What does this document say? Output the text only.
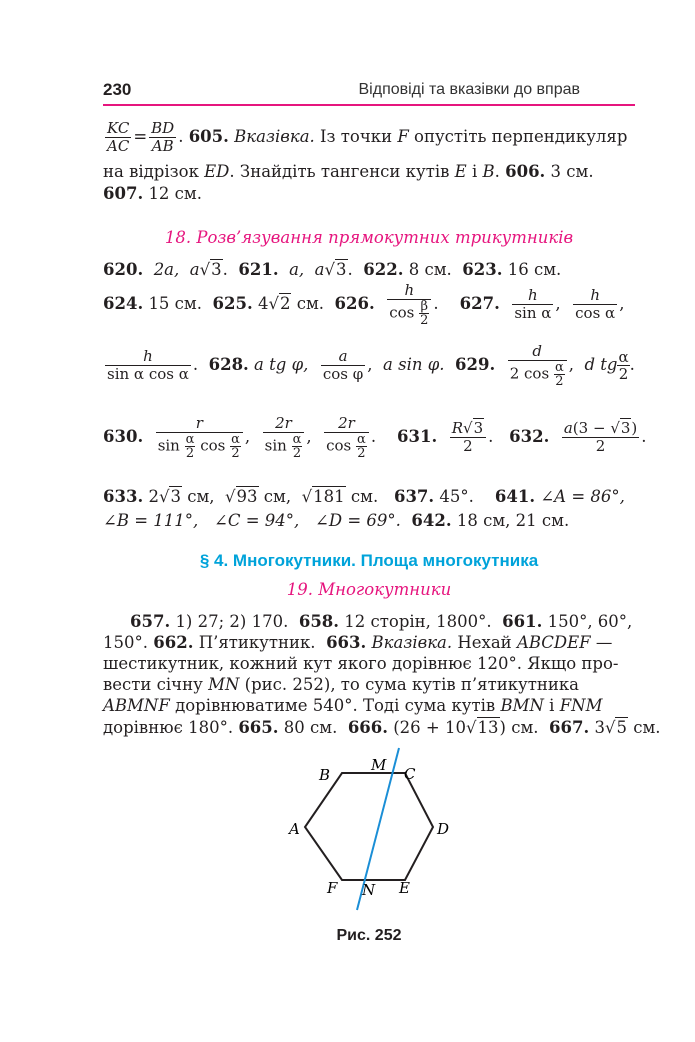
230	Відповіді та вказівки до вправ
$\frac{KC}{AC} = \frac{BD}{AB}$ . 605. Вказівка. Із точки F опустіть перпендикуляр
на відрізок ED. Знайдіть тангенси кутів E і B. 606. 3 см.
607. 12 см.
18. Розв’язування прямокутних трикутників
620. 2a, a√3. 621. a, a√3. 622. 8 см. 623. 16 см.
624. 15 см. 625. 4√2 см. 626. $\frac{h}{\cos \frac{\beta}{2}}$ . 627. $\frac{h}{\text{sin α}}$ , $\frac{h}{\text{cos α}}$ ,
$\frac{h}{\text{sin α cos α}}$ . 628. a tg φ, $\frac{a}{\text{cos φ}}$ , a sin φ. 629. $\frac{d}{2 \cos \frac{\alpha}{2}}$ , d tg $\frac{\alpha}{2}$ .
630. $\frac{r}{\sin \frac{\alpha}{2} \cos \frac{\alpha}{2}}$ , $\frac{2r}{\sin \frac{\alpha}{2}}$ , $\frac{2r}{\cos \frac{\alpha}{2}}$ . 631. $\frac{R√3}{2}$ . 632. $\frac{a(3 - √3)}{2}$ .
633. 2√3 см,  √93 см,  √181 см. 637. 45°. 641. ∠A = 86°,
∠B = 111°, ∠C = 94°, ∠D = 69°. 642. 18 см, 21 см.
§ 4. Многокутники. Площа многокутника
19. Многокутники
657. 1) 27; 2) 170. 658. 12 сторін, 1800°. 661. 150°, 60°,
150°. 662. П’ятикутник. 663. Вказівка. Нехай ABCDEF —
шестикутник, кожний кут якого дорівнює 120°. Якщо про-
вести січну MN (рис. 252), то сума кутів п’ятикутника
ABMNF дорівнюватиме 540°. Тоді сума кутів BMN і FNM
дорівнює 180°. 665. 80 см. 666. (26 + 10√13) см. 667. 3√5 см.
B
M C
A	D
F N E
Рис. 252
